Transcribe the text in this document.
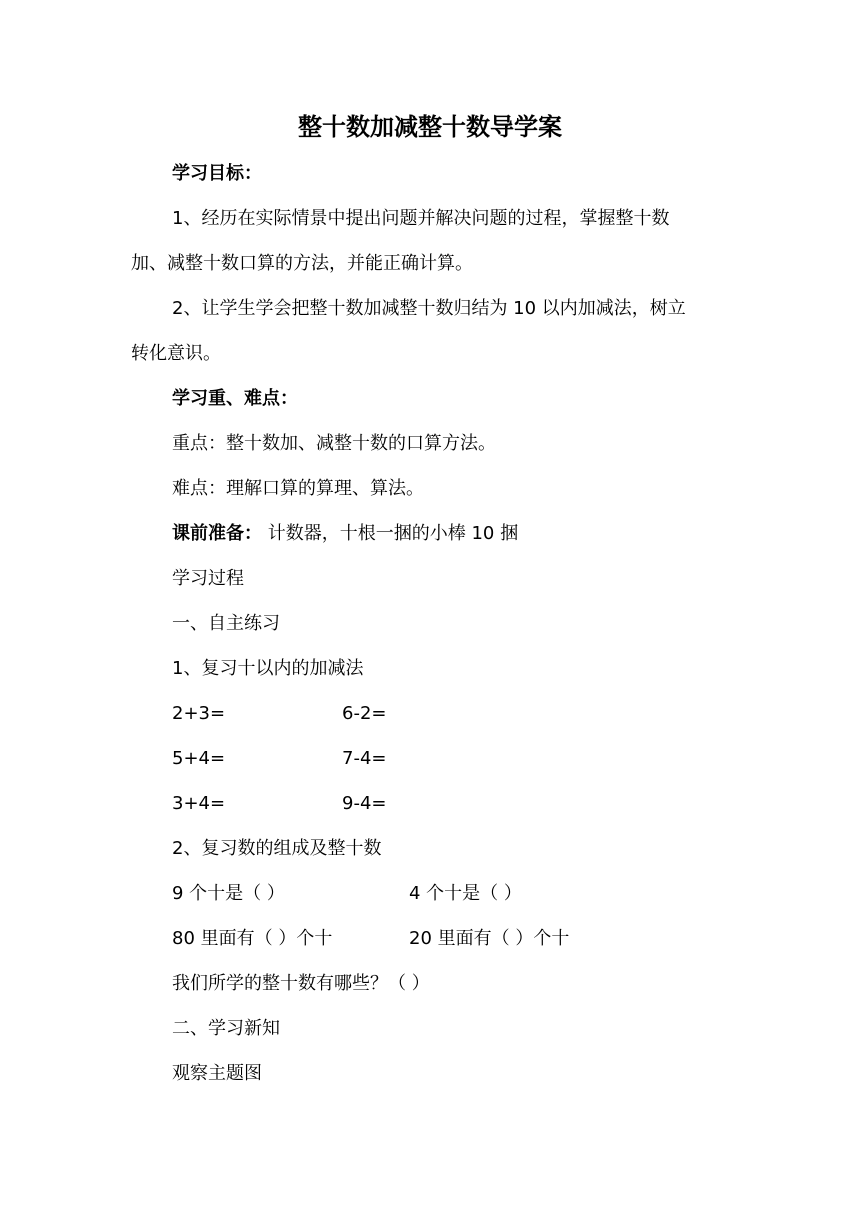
整十数加减整十数导学案
学习目标：
1、经历在实际情景中提出问题并解决问题的过程，掌握整十数
加、减整十数口算的方法，并能正确计算。
2、让学生学会把整十数加减整十数归结为 10 以内加减法，树立
转化意识。
学习重、难点：
重点：整十数加、减整十数的口算方法。
难点：理解口算的算理、算法。
课前准备： 计数器，十根一捆的小棒 10 捆
学习过程
一、自主练习
1、复习十以内的加减法
2+3=	6-2=
5+4=	7-4=
3+4=	9-4=
2、复习数的组成及整十数
9 个十是（ ）	4 个十是（ ）
80 里面有（ ）个十	20 里面有（ ）个十
我们所学的整十数有哪些？（ ）
二、学习新知
观察主题图
